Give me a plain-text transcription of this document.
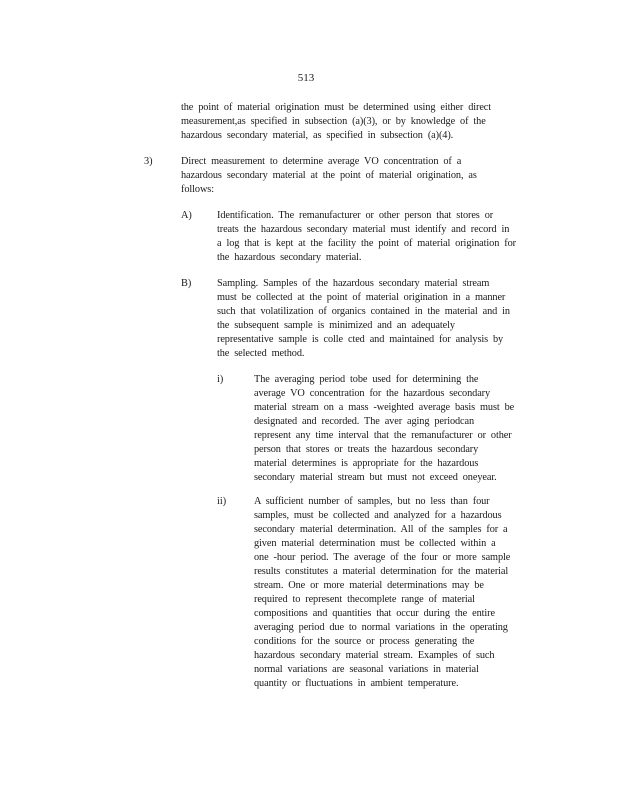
513
the point of material origination must be determined using either direct
measurement,as specified in subsection (a)(3), or by knowledge of the
hazardous secondary material, as specified in subsection (a)(4).
3)	Direct measurement to determine average VO concentration of a
hazardous secondary material at the point of material origination, as
follows:
A) Identification. The remanufacturer or other person that stores or
treats the hazardous secondary material must identify and record in
a log that is kept at the facility the point of material origination for
the hazardous secondary material.
B) Sampling. Samples of the hazardous secondary material stream
must be collected at the point of material origination in a manner
such that volatilization of organics contained in the material and in
the subsequent sample is minimized and an adequately
representative sample is colle cted and maintained for analysis by
the selected method.
i)	The averaging period tobe used for determining the
average VO concentration for the hazardous secondary
material stream on a mass -weighted average basis must be
designated and recorded. The aver aging periodcan
represent any time interval that the remanufacturer or other
person that stores or treats the hazardous secondary
material determines is appropriate for the hazardous
secondary material stream but must not exceed oneyear.
ii)	A sufficient number of samples, but no less than four
samples, must be collected and analyzed for a hazardous
secondary material determination. All of the samples for a
given material determination must be collected within a
one -hour period. The average of the four or more sample
results constitutes a material determination for the material
stream. One or more material determinations may be
required to represent thecomplete range of material
compositions and quantities that occur during the entire
averaging period due to normal variations in the operating
conditions for the source or process generating the
hazardous secondary material stream. Examples of such
normal variations are seasonal variations in material
quantity or fluctuations in ambient temperature.
